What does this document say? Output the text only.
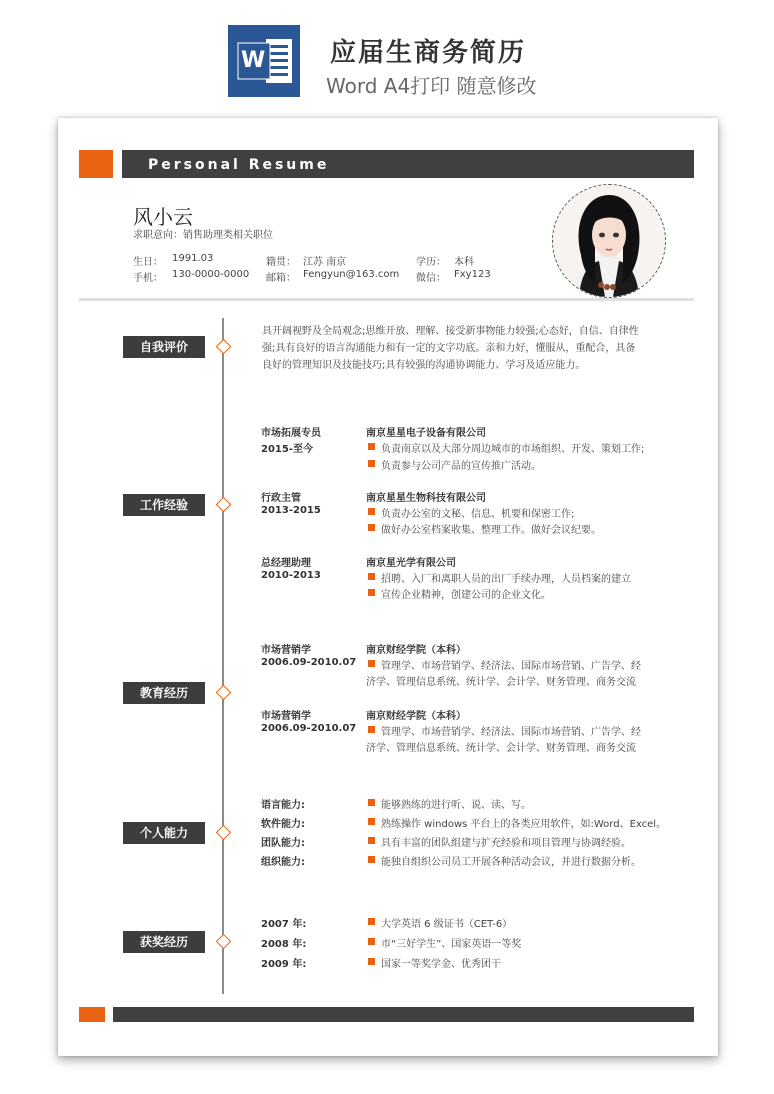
W 应届生商务简历
Word A4打印 随意修改
Personal Resume
风小云
求职意向：销售助理类相关职位
生日： 1991.03	籍贯： 江苏 南京	学历： 本科
手机： 130-0000-0000 邮箱： Fengyun@163.com 微信： Fxy123
自我评价
具开阔视野及全局观念;思维开放、理解、接受新事物能力较强;心态好，自信、自律性
强;具有良好的语言沟通能力和有一定的文字功底。亲和力好，懂服从，重配合，具备
良好的管理知识及技能技巧;具有较强的沟通协调能力、学习及适应能力。
工作经验
市场拓展专员
2015-至今
南京星星电子设备有限公司
负责南京以及大部分周边城市的市场组织、开发、策划工作;
负责参与公司产品的宣传推广活动。
行政主管
2013-2015
南京星星生物科技有限公司
负责办公室的文秘、信息、机要和保密工作;
做好办公室档案收集、整理工作。做好会议纪要。
总经理助理
2010-2013
南京星光学有限公司
招聘、入厂和离职人员的出厂手续办理，人员档案的建立
宣传企业精神，创建公司的企业文化。
教育经历
市场营销学
2006.09-2010.07
南京财经学院（本科）
管理学、市场营销学、经济法、国际市场营销、广告学、经
济学、管理信息系统、统计学、会计学、财务管理、商务交流
市场营销学
2006.09-2010.07
南京财经学院（本科）
管理学、市场营销学、经济法、国际市场营销、广告学、经
济学、管理信息系统、统计学、会计学、财务管理、商务交流
个人能力
语言能力:	能够熟练的进行听、说、读、写。
软件能力:	熟练操作 windows 平台上的各类应用软件，如:Word、Excel。
团队能力:	具有丰富的团队组建与扩充经验和项目管理与协调经验。
组织能力:	能独自组织公司员工开展各种活动会议，并进行数据分析。
获奖经历
2007 年:	大学英语 6 级证书（CET-6）
2008 年:	市“三好学生”、国家英语一等奖
2009 年:	国家一等奖学金、优秀团干
